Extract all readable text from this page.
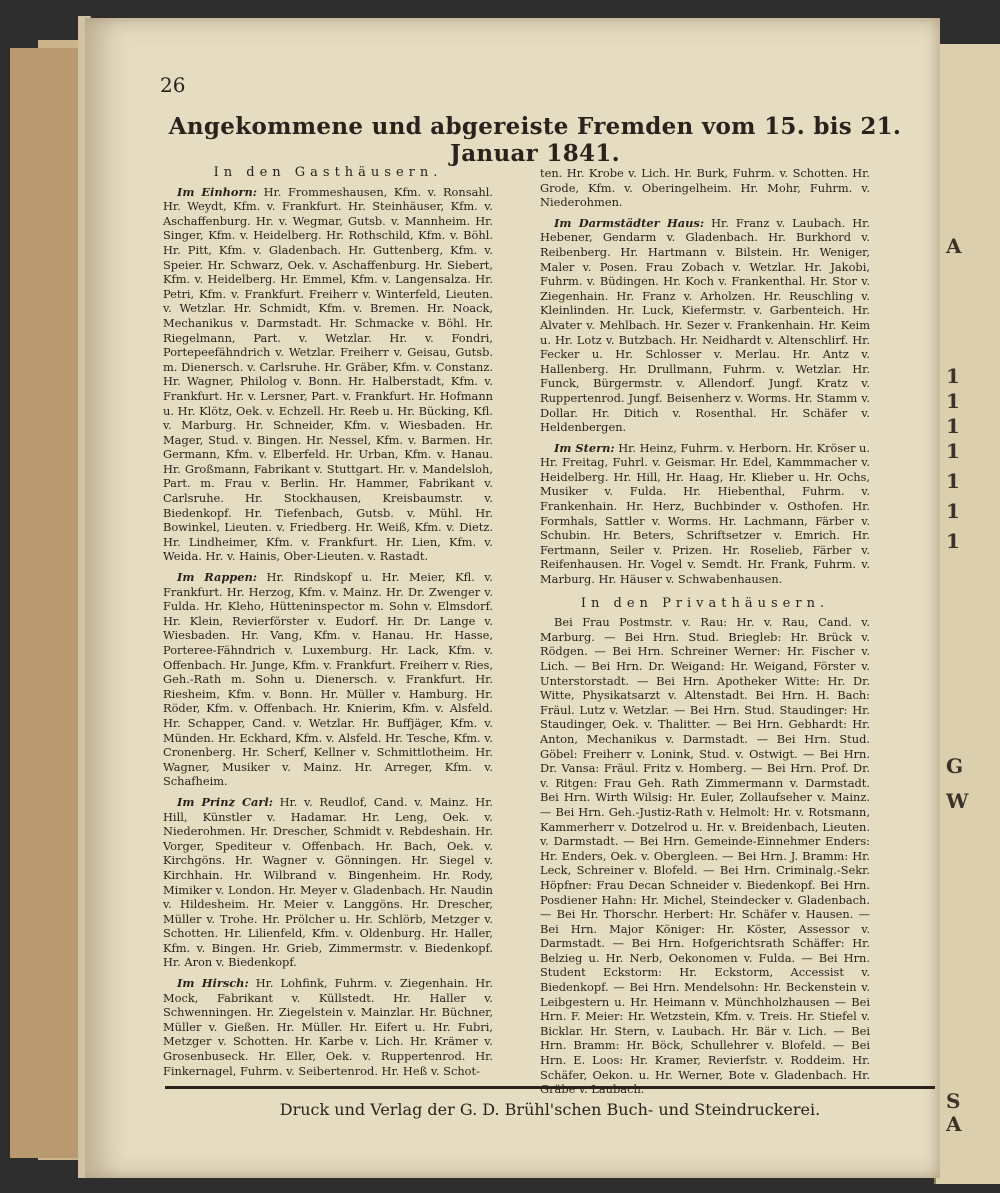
A
1
1
1
1
1
1
1
G
W
S
A
26
Angekommene und abgereiste Fremden vom 15. bis 21. Januar 1841.
In den Gasthäusern.

Im Einhorn: Hr. Frommeshausen, Kfm. v. Ronsahl. Hr. Weydt, Kfm. v. Frankfurt. Hr. Steinhäuser, Kfm. v. Aschaffenburg. Hr. v. Wegmar, Gutsb. v. Mannheim. Hr. Singer, Kfm. v. Heidelberg. Hr. Rothschild, Kfm. v. Böhl. Hr. Pitt, Kfm. v. Gladenbach. Hr. Guttenberg, Kfm. v. Speier. Hr. Schwarz, Oek. v. Aschaffenburg. Hr. Siebert, Kfm. v. Heidelberg. Hr. Emmel, Kfm. v. Langensalza. Hr. Petri, Kfm. v. Frankfurt. Freiherr v. Winterfeld, Lieuten. v. Wetzlar. Hr. Schmidt, Kfm. v. Bremen. Hr. Noack, Mechanikus v. Darmstadt. Hr. Schmacke v. Böhl. Hr. Riegelmann, Part. v. Wetzlar. Hr. v. Fondri, Portepeefähndrich v. Wetzlar. Freiherr v. Geisau, Gutsb. m. Dienersch. v. Carlsruhe. Hr. Gräber, Kfm. v. Constanz. Hr. Wagner, Philolog v. Bonn. Hr. Halberstadt, Kfm. v. Frankfurt. Hr. v. Lersner, Part. v. Frankfurt. Hr. Hofmann u. Hr. Klötz, Oek. v. Echzell. Hr. Reeb u. Hr. Bücking, Kfl. v. Marburg. Hr. Schneider, Kfm. v. Wiesbaden. Hr. Mager, Stud. v. Bingen. Hr. Nessel, Kfm. v. Barmen. Hr. Germann, Kfm. v. Elberfeld. Hr. Urban, Kfm. v. Hanau. Hr. Großmann, Fabrikant v. Stuttgart. Hr. v. Mandelsloh, Part. m. Frau v. Berlin. Hr. Hammer, Fabrikant v. Carlsruhe. Hr. Stockhausen, Kreisbaumstr. v. Biedenkopf. Hr. Tiefenbach, Gutsb. v. Mühl. Hr. Bowinkel, Lieuten. v. Friedberg. Hr. Weiß, Kfm. v. Dietz. Hr. Lindheimer, Kfm. v. Frankfurt. Hr. Lien, Kfm. v. Weida. Hr. v. Hainis, Ober-Lieuten. v. Rastadt.

Im Rappen: Hr. Rindskopf u. Hr. Meier, Kfl. v. Frankfurt. Hr. Herzog, Kfm. v. Mainz. Hr. Dr. Zwenger v. Fulda. Hr. Kleho, Hütteninspector m. Sohn v. Elmsdorf. Hr. Klein, Revierförster v. Eudorf. Hr. Dr. Lange v. Wiesbaden. Hr. Vang, Kfm. v. Hanau. Hr. Hasse, Porteree-Fähndrich v. Luxemburg. Hr. Lack, Kfm. v. Offenbach. Hr. Junge, Kfm. v. Frankfurt. Freiherr v. Ries, Geh.-Rath m. Sohn u. Dienersch. v. Frankfurt. Hr. Riesheim, Kfm. v. Bonn. Hr. Müller v. Hamburg. Hr. Röder, Kfm. v. Offenbach. Hr. Knierim, Kfm. v. Alsfeld. Hr. Schapper, Cand. v. Wetzlar. Hr. Buffjäger, Kfm. v. Münden. Hr. Eckhard, Kfm. v. Alsfeld. Hr. Tesche, Kfm. v. Cronenberg. Hr. Scherf, Kellner v. Schmittlotheim. Hr. Wagner, Musiker v. Mainz. Hr. Arreger, Kfm. v. Schafheim.

Im Prinz Carl: Hr. v. Reudlof, Cand. v. Mainz. Hr. Hill, Künstler v. Hadamar. Hr. Leng, Oek. v. Niederohmen. Hr. Drescher, Schmidt v. Rebdeshain. Hr. Vorger, Spediteur v. Offenbach. Hr. Bach, Oek. v. Kirchgöns. Hr. Wagner v. Gönningen. Hr. Siegel v. Kirchhain. Hr. Wilbrand v. Bingenheim. Hr. Rody, Mimiker v. London. Hr. Meyer v. Gladenbach. Hr. Naudin v. Hildesheim. Hr. Meier v. Langgöns. Hr. Drescher, Müller v. Trohe. Hr. Prölcher u. Hr. Schlörb, Metzger v. Schotten. Hr. Lilienfeld, Kfm. v. Oldenburg. Hr. Haller, Kfm. v. Bingen. Hr. Grieb, Zimmermstr. v. Biedenkopf. Hr. Aron v. Biedenkopf.

Im Hirsch: Hr. Lohfink, Fuhrm. v. Ziegenhain. Hr. Mock, Fabrikant v. Küllstedt. Hr. Haller v. Schwenningen. Hr. Ziegelstein v. Mainzlar. Hr. Büchner, Müller v. Gießen. Hr. Müller. Hr. Eifert u. Hr. Fubri, Metzger v. Schotten. Hr. Karbe v. Lich. Hr. Krämer v. Grosenbuseck. Hr. Eller, Oek. v. Ruppertenrod. Hr. Finkernagel, Fuhrm. v. Seibertenrod. Hr. Heß v. Schot-

ten. Hr. Krobe v. Lich. Hr. Burk, Fuhrm. v. Schotten. Hr. Grode, Kfm. v. Oberingelheim. Hr. Mohr, Fuhrm. v. Niederohmen.

Im Darmstädter Haus: Hr. Franz v. Laubach. Hr. Hebener, Gendarm v. Gladenbach. Hr. Burkhord v. Reibenberg. Hr. Hartmann v. Bilstein. Hr. Weniger, Maler v. Posen. Frau Zobach v. Wetzlar. Hr. Jakobi, Fuhrm. v. Büdingen. Hr. Koch v. Frankenthal. Hr. Stor v. Ziegenhain. Hr. Franz v. Arholzen. Hr. Reuschling v. Kleinlinden. Hr. Luck, Kiefermstr. v. Garbenteich. Hr. Alvater v. Mehlbach. Hr. Sezer v. Frankenhain. Hr. Keim u. Hr. Lotz v. Butzbach. Hr. Neidhardt v. Altenschlirf. Hr. Fecker u. Hr. Schlosser v. Merlau. Hr. Antz v. Hallenberg. Hr. Drullmann, Fuhrm. v. Wetzlar. Hr. Funck, Bürgermstr. v. Allendorf. Jungf. Kratz v. Ruppertenrod. Jungf. Beisenherz v. Worms. Hr. Stamm v. Dollar. Hr. Ditich v. Rosenthal. Hr. Schäfer v. Heldenbergen.

Im Stern: Hr. Heinz, Fuhrm. v. Herborn. Hr. Kröser u. Hr. Freitag, Fuhrl. v. Geismar. Hr. Edel, Kammmacher v. Heidelberg. Hr. Hill, Hr. Haag, Hr. Klieber u. Hr. Ochs, Musiker v. Fulda. Hr. Hiebenthal, Fuhrm. v. Frankenhain. Hr. Herz, Buchbinder v. Osthofen. Hr. Formhals, Sattler v. Worms. Hr. Lachmann, Färber v. Schubin. Hr. Beters, Schriftsetzer v. Emrich. Hr. Fertmann, Seiler v. Prizen. Hr. Roselieb, Färber v. Reifenhausen. Hr. Vogel v. Semdt. Hr. Frank, Fuhrm. v. Marburg. Hr. Häuser v. Schwabenhausen.

In den Privathäusern.

Bei Frau Postmstr. v. Rau: Hr. v. Rau, Cand. v. Marburg. — Bei Hrn. Stud. Briegleb: Hr. Brück v. Rödgen. — Bei Hrn. Schreiner Werner: Hr. Fischer v. Lich. — Bei Hrn. Dr. Weigand: Hr. Weigand, Förster v. Unterstorstadt. — Bei Hrn. Apotheker Witte: Hr. Dr. Witte, Physikatsarzt v. Altenstadt. Bei Hrn. H. Bach: Fräul. Lutz v. Wetzlar. — Bei Hrn. Stud. Staudinger: Hr. Staudinger, Oek. v. Thalitter. — Bei Hrn. Gebhardt: Hr. Anton, Mechanikus v. Darmstadt. — Bei Hrn. Stud. Göbel: Freiherr v. Lonink, Stud. v. Ostwigt. — Bei Hrn. Dr. Vansa: Fräul. Fritz v. Homberg. — Bei Hrn. Prof. Dr. v. Ritgen: Frau Geh. Rath Zimmermann v. Darmstadt. Bei Hrn. Wirth Wilsig: Hr. Euler, Zollaufseher v. Mainz. — Bei Hrn. Geh.-Justiz-Rath v. Helmolt: Hr. v. Rotsmann, Kammerherr v. Dotzelrod u. Hr. v. Breidenbach, Lieuten. v. Darmstadt. — Bei Hrn. Gemeinde-Einnehmer Enders: Hr. Enders, Oek. v. Obergleen. — Bei Hrn. J. Bramm: Hr. Leck, Schreiner v. Blofeld. — Bei Hrn. Criminalg.-Sekr. Höpfner: Frau Decan Schneider v. Biedenkopf. Bei Hrn. Posdiener Hahn: Hr. Michel, Steindecker v. Gladenbach. — Bei Hr. Thorschr. Herbert: Hr. Schäfer v. Hausen. — Bei Hrn. Major Königer: Hr. Köster, Assessor v. Darmstadt. — Bei Hrn. Hofgerichtsrath Schäffer: Hr. Belzieg u. Hr. Nerb, Oekonomen v. Fulda. — Bei Hrn. Student Eckstorm: Hr. Eckstorm, Accessist v. Biedenkopf. — Bei Hrn. Mendelsohn: Hr. Beckenstein v. Leibgestern u. Hr. Heimann v. Münchholzhausen — Bei Hrn. F. Meier: Hr. Wetzstein, Kfm. v. Treis. Hr. Stiefel v. Bicklar. Hr. Stern, v. Laubach. Hr. Bär v. Lich. — Bei Hrn. Bramm: Hr. Böck, Schullehrer v. Blofeld. — Bei Hrn. E. Loos: Hr. Kramer, Revierfstr. v. Roddeim. Hr. Schäfer, Oekon. u. Hr. Werner, Bote v. Gladenbach. Hr. Gräbe v. Laubach.

Druck und Verlag der G. D. Brühl'schen Buch- und Steindruckerei.
